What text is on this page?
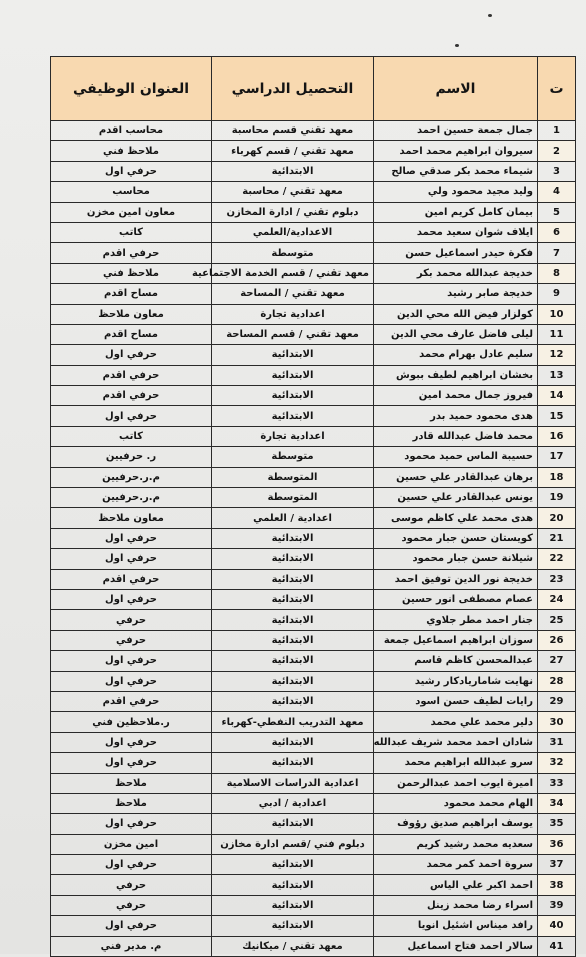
ت	الاسم	التحصيل الدراسي	العنوان الوظيفي
1	جمال جمعة حسين احمد	معهد تقني قسم محاسبة	محاسب اقدم
2	سيروان ابراهيم محمد احمد	معهد تقني / قسم كهرباء	ملاحظ فني
3	شيماء محمد بكر صدقي صالح	الابتدائية	حرفي اول
4	وليد مجيد محمود ولي	معهد تقني / محاسبة	محاسب
5	بيمان كامل كريم امين	دبلوم تقني / ادارة المخازن	معاون امين مخزن
6	ايلاف شوان سعيد محمد	الاعدادية/العلمي	كاتب
7	فكرة حيدر اسماعيل حسن	متوسطة	حرفي اقدم
8	خديجة عبدالله محمد بكر	معهد تقني / قسم الخدمة الاجتماعية	ملاحظ فني
9	خديجة صابر رشيد	معهد تقني / المساحة	مساح اقدم
10	كولزار فيض الله محي الدين	اعدادية تجارة	معاون ملاحظ
11	ليلى فاضل عارف محي الدين	معهد تقني / قسم المساحة	مساح اقدم
12	سليم عادل بهرام محمد	الابتدائية	حرفي اول
13	بخشان ابراهيم لطيف ببوش	الابتدائية	حرفي اقدم
14	فيروز جمال محمد امين	الابتدائية	حرفي اقدم
15	هدى محمود حميد بدر	الابتدائية	حرفي اول
16	محمد فاضل عبدالله قادر	اعدادية تجارة	كاتب
17	حسيبة الماس حميد محمود	متوسطة	ر. حرفيين
18	برهان عبدالقادر علي حسين	المتوسطة	م.ر.حرفيين
19	يونس عبدالقادر علي حسين	المتوسطة	م.ر.حرفيين
20	هدى محمد علي كاظم موسى	اعدادية / العلمي	معاون ملاحظ
21	كويستان حسن جبار محمود	الابتدائية	حرفي اول
22	شيلانة حسن جبار محمود	الابتدائية	حرفي اول
23	خديجة نور الدين توفيق احمد	الابتدائية	حرفي اقدم
24	عصام مصطفى انور حسين	الابتدائية	حرفي اول
25	جنار احمد مطر جلاوي	الابتدائية	حرفي
26	سوزان ابراهيم اسماعيل جمعة	الابتدائية	حرفي
27	عبدالمحسن كاظم قاسم	الابتدائية	حرفي اول
28	نهايت شاماريادكار رشيد	الابتدائية	حرفي اول
29	رايات لطيف حسن اسود	الابتدائية	حرفي اقدم
30	دلير محمد علي محمد	معهد التدريب النفطي-كهرباء	ر.ملاحظين فني
31	شادان احمد محمد شريف عبدالله	الابتدائية	حرفي اول
32	سرو عبدالله ابراهيم محمد	الابتدائية	حرفي اول
33	اميرة ايوب احمد عبدالرحمن	اعدادية الدراسات الاسلامية	ملاحظ
34	الهام محمد محمود	اعدادية / ادبي	ملاحظ
35	يوسف ابراهيم صديق رؤوف	الابتدائية	حرفي اول
36	سعديه محمد رشيد كريم	دبلوم فني /قسم ادارة مخازن	امين مخزن
37	سروة احمد كمر محمد	الابتدائية	حرفي اول
38	احمد اكبر علي الياس	الابتدائية	حرفي
39	اسراء رضا محمد زينل	الابتدائية	حرفي
40	رافد ميناس اشئيل انويا	الابتدائية	حرفي اول
41	سالار احمد فتاح اسماعيل	معهد تقني / ميكانيك	م. مدير فني
